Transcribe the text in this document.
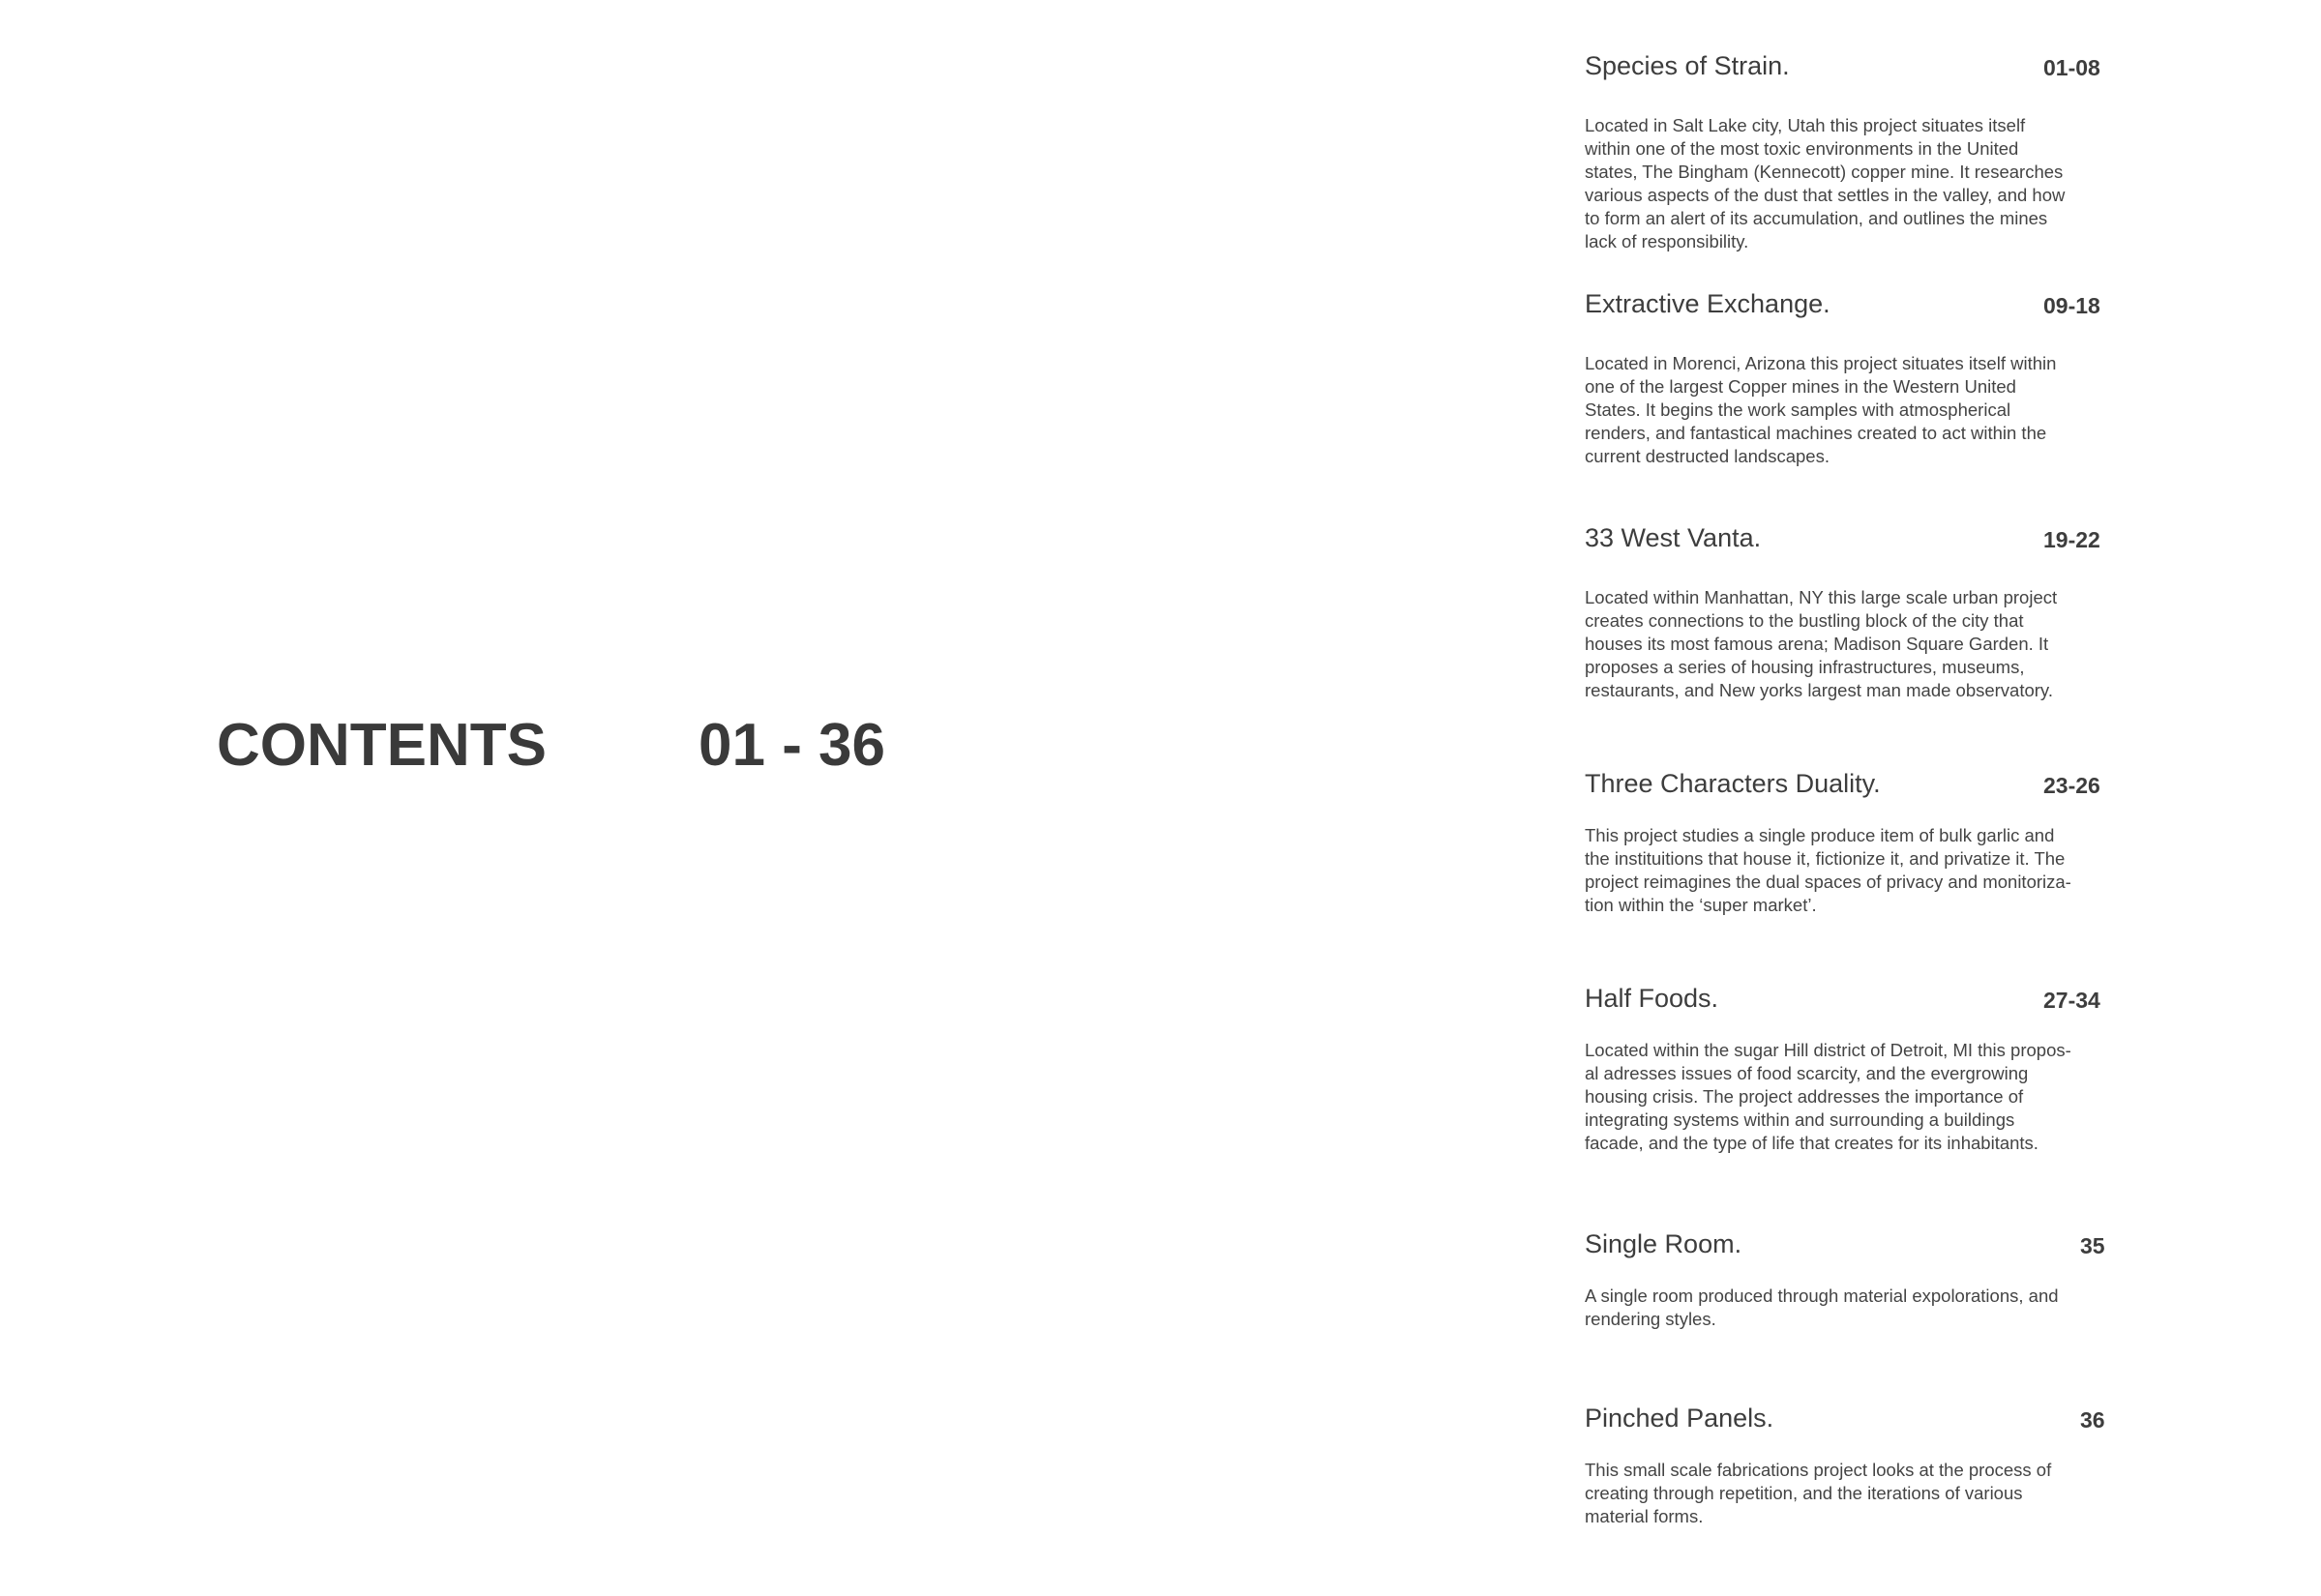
CONTENTS	01 - 36
Species of Strain.	01-08
Located in Salt Lake city, Utah this project situates itself
within one of the most toxic environments in the United
states, The Bingham (Kennecott) copper mine. It researches
various aspects of the dust that settles in the valley, and how
to form an alert of its accumulation, and outlines the mines
lack of responsibility.
Extractive Exchange.	09-18
Located in Morenci, Arizona this project situates itself within
one of the largest Copper mines in the Western United
States. It begins the work samples with atmospherical
renders, and fantastical machines created to act within the
current destructed landscapes.
33 West Vanta.	19-22
Located within Manhattan, NY this large scale urban project
creates connections to the bustling block of the city that
houses its most famous arena; Madison Square Garden. It
proposes a series of housing infrastructures, museums,
restaurants, and New yorks largest man made observatory.
Three Characters Duality.	23-26
This project studies a single produce item of bulk garlic and
the instituitions that house it, fictionize it, and privatize it. The
project reimagines the dual spaces of privacy and monitoriza-
tion within the ‘super market’.
Half Foods.	27-34
Located within the sugar Hill district of Detroit, MI this propos-
al adresses issues of food scarcity, and the evergrowing
housing crisis. The project addresses the importance of
integrating systems within and surrounding a buildings
facade, and the type of life that creates for its inhabitants.
Single Room.	35
A single room produced through material expolorations, and
rendering styles.
Pinched Panels.	36
This small scale fabrications project looks at the process of
creating through repetition, and the iterations of various
material forms.
